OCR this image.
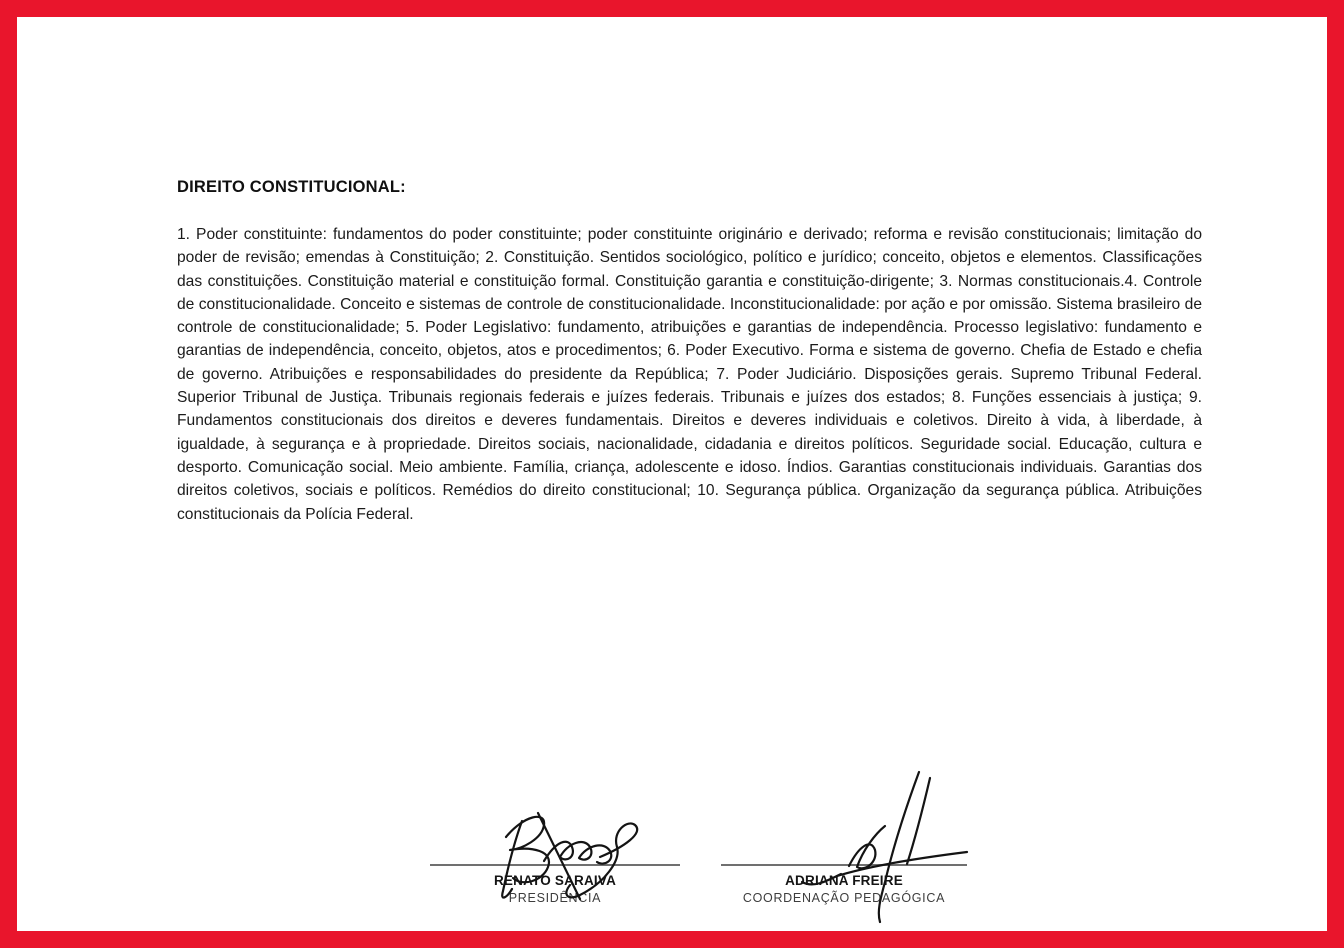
DIREITO CONSTITUCIONAL:

1. Poder constituinte: fundamentos do poder constituinte; poder constituinte originário e derivado; reforma e revisão constitucionais; limitação do poder de revisão; emendas à Constituição; 2. Constituição. Sentidos sociológico, político e jurídico; conceito, objetos e elementos. Classificações das constituições. Constituição material e constituição formal. Constituição garantia e constituição-dirigente; 3. Normas constitucionais.4. Controle de constitucionalidade. Conceito e sistemas de controle de constitucionalidade. Inconstitucionalidade: por ação e por omissão. Sistema brasileiro de controle de constitucionalidade; 5. Poder Legislativo: fundamento, atribuições e garantias de independência. Processo legislativo: fundamento e garantias de independência, conceito, objetos, atos e procedimentos; 6. Poder Executivo. Forma e sistema de governo. Chefia de Estado e chefia de governo. Atribuições e responsabilidades do presidente da República; 7. Poder Judiciário. Disposições gerais. Supremo Tribunal Federal. Superior Tribunal de Justiça. Tribunais regionais federais e juízes federais. Tribunais e juízes dos estados; 8. Funções essenciais à justiça; 9. Fundamentos constitucionais dos direitos e deveres fundamentais. Direitos e deveres individuais e coletivos. Direito à vida, à liberdade, à igualdade, à segurança e à propriedade. Direitos sociais, nacionalidade, cidadania e direitos políticos. Seguridade social. Educação, cultura e desporto. Comunicação social. Meio ambiente. Família, criança, adolescente e idoso. Índios. Garantias constitucionais individuais. Garantias dos direitos coletivos, sociais e políticos. Remédios do direito constitucional; 10. Segurança pública. Organização da segurança pública. Atribuições constitucionais da Polícia Federal.

RENATO SARAIVA
PRESIDÊNCIA
ADRIANA FREIRE
COORDENAÇÃO PEDAGÓGICA
